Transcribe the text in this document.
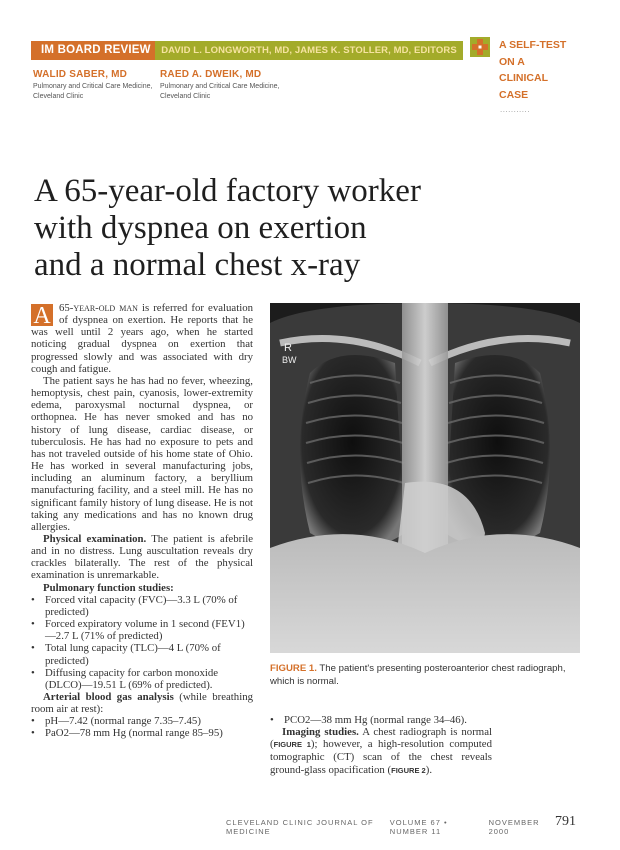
IM BOARD REVIEW	DAVID L. LONGWORTH, MD, JAMES K. STOLLER, MD, EDITORS	A SELF-TEST
ON A
CLINICAL
CASE
...........
WALID SABER, MD
Pulmonary and Critical Care Medicine,
Cleveland Clinic
RAED A. DWEIK, MD
Pulmonary and Critical Care Medicine,
Cleveland Clinic
A 65-year-old factory worker
with dyspnea on exertion
and a normal chest x-ray

A 65-year-old man is referred for evaluation of dyspnea on exertion. He reports that he was well until 2 years ago, when he started noticing gradual dyspnea on exertion that progressed slowly and was associated with dry cough and fatigue.

The patient says he has had no fever, wheezing, hemoptysis, chest pain, cyanosis, lower-extremity edema, paroxysmal nocturnal dyspnea, or orthopnea. He has never smoked and has no history of lung disease, cardiac disease, or tuberculosis. He has had no exposure to pets and has not traveled outside of his home state of Ohio. He has worked in several manufacturing jobs, including an aluminum factory, a beryllium manufacturing facility, and a steel mill. He has no significant family history of lung disease. He is not taking any medications and has no known drug allergies.

Physical examination. The patient is afebrile and in no distress. Lung auscultation reveals dry crackles bilaterally. The rest of the physical examination is unremarkable.

Pulmonary function studies:

• Forced vital capacity (FVC)—3.3 L (70% of predicted)
• Forced expiratory volume in 1 second (FEV1)—2.7 L (71% of predicted)
• Total lung capacity (TLC)—4 L (70% of predicted)
• Diffusing capacity for carbon monoxide (DLCO)—19.51 L (69% of predicted).

Arterial blood gas analysis (while breathing room air at rest):

• pH—7.42 (normal range 7.35–7.45)
• PaO2—78 mm Hg (normal range 85–95)
R
BW
FIGURE 1. The patient's presenting posteroanterior chest radiograph, which is normal.
• PCO2—38 mm Hg (normal range 34–46).

Imaging studies. A chest radiograph is normal (FIGURE 1); however, a high-resolution computed tomographic (CT) scan of the chest reveals ground-glass opacification (FIGURE 2).

CLEVELAND CLINIC JOURNAL OF MEDICINE
VOLUME 67 • NUMBER 11
NOVEMBER 2000
791
